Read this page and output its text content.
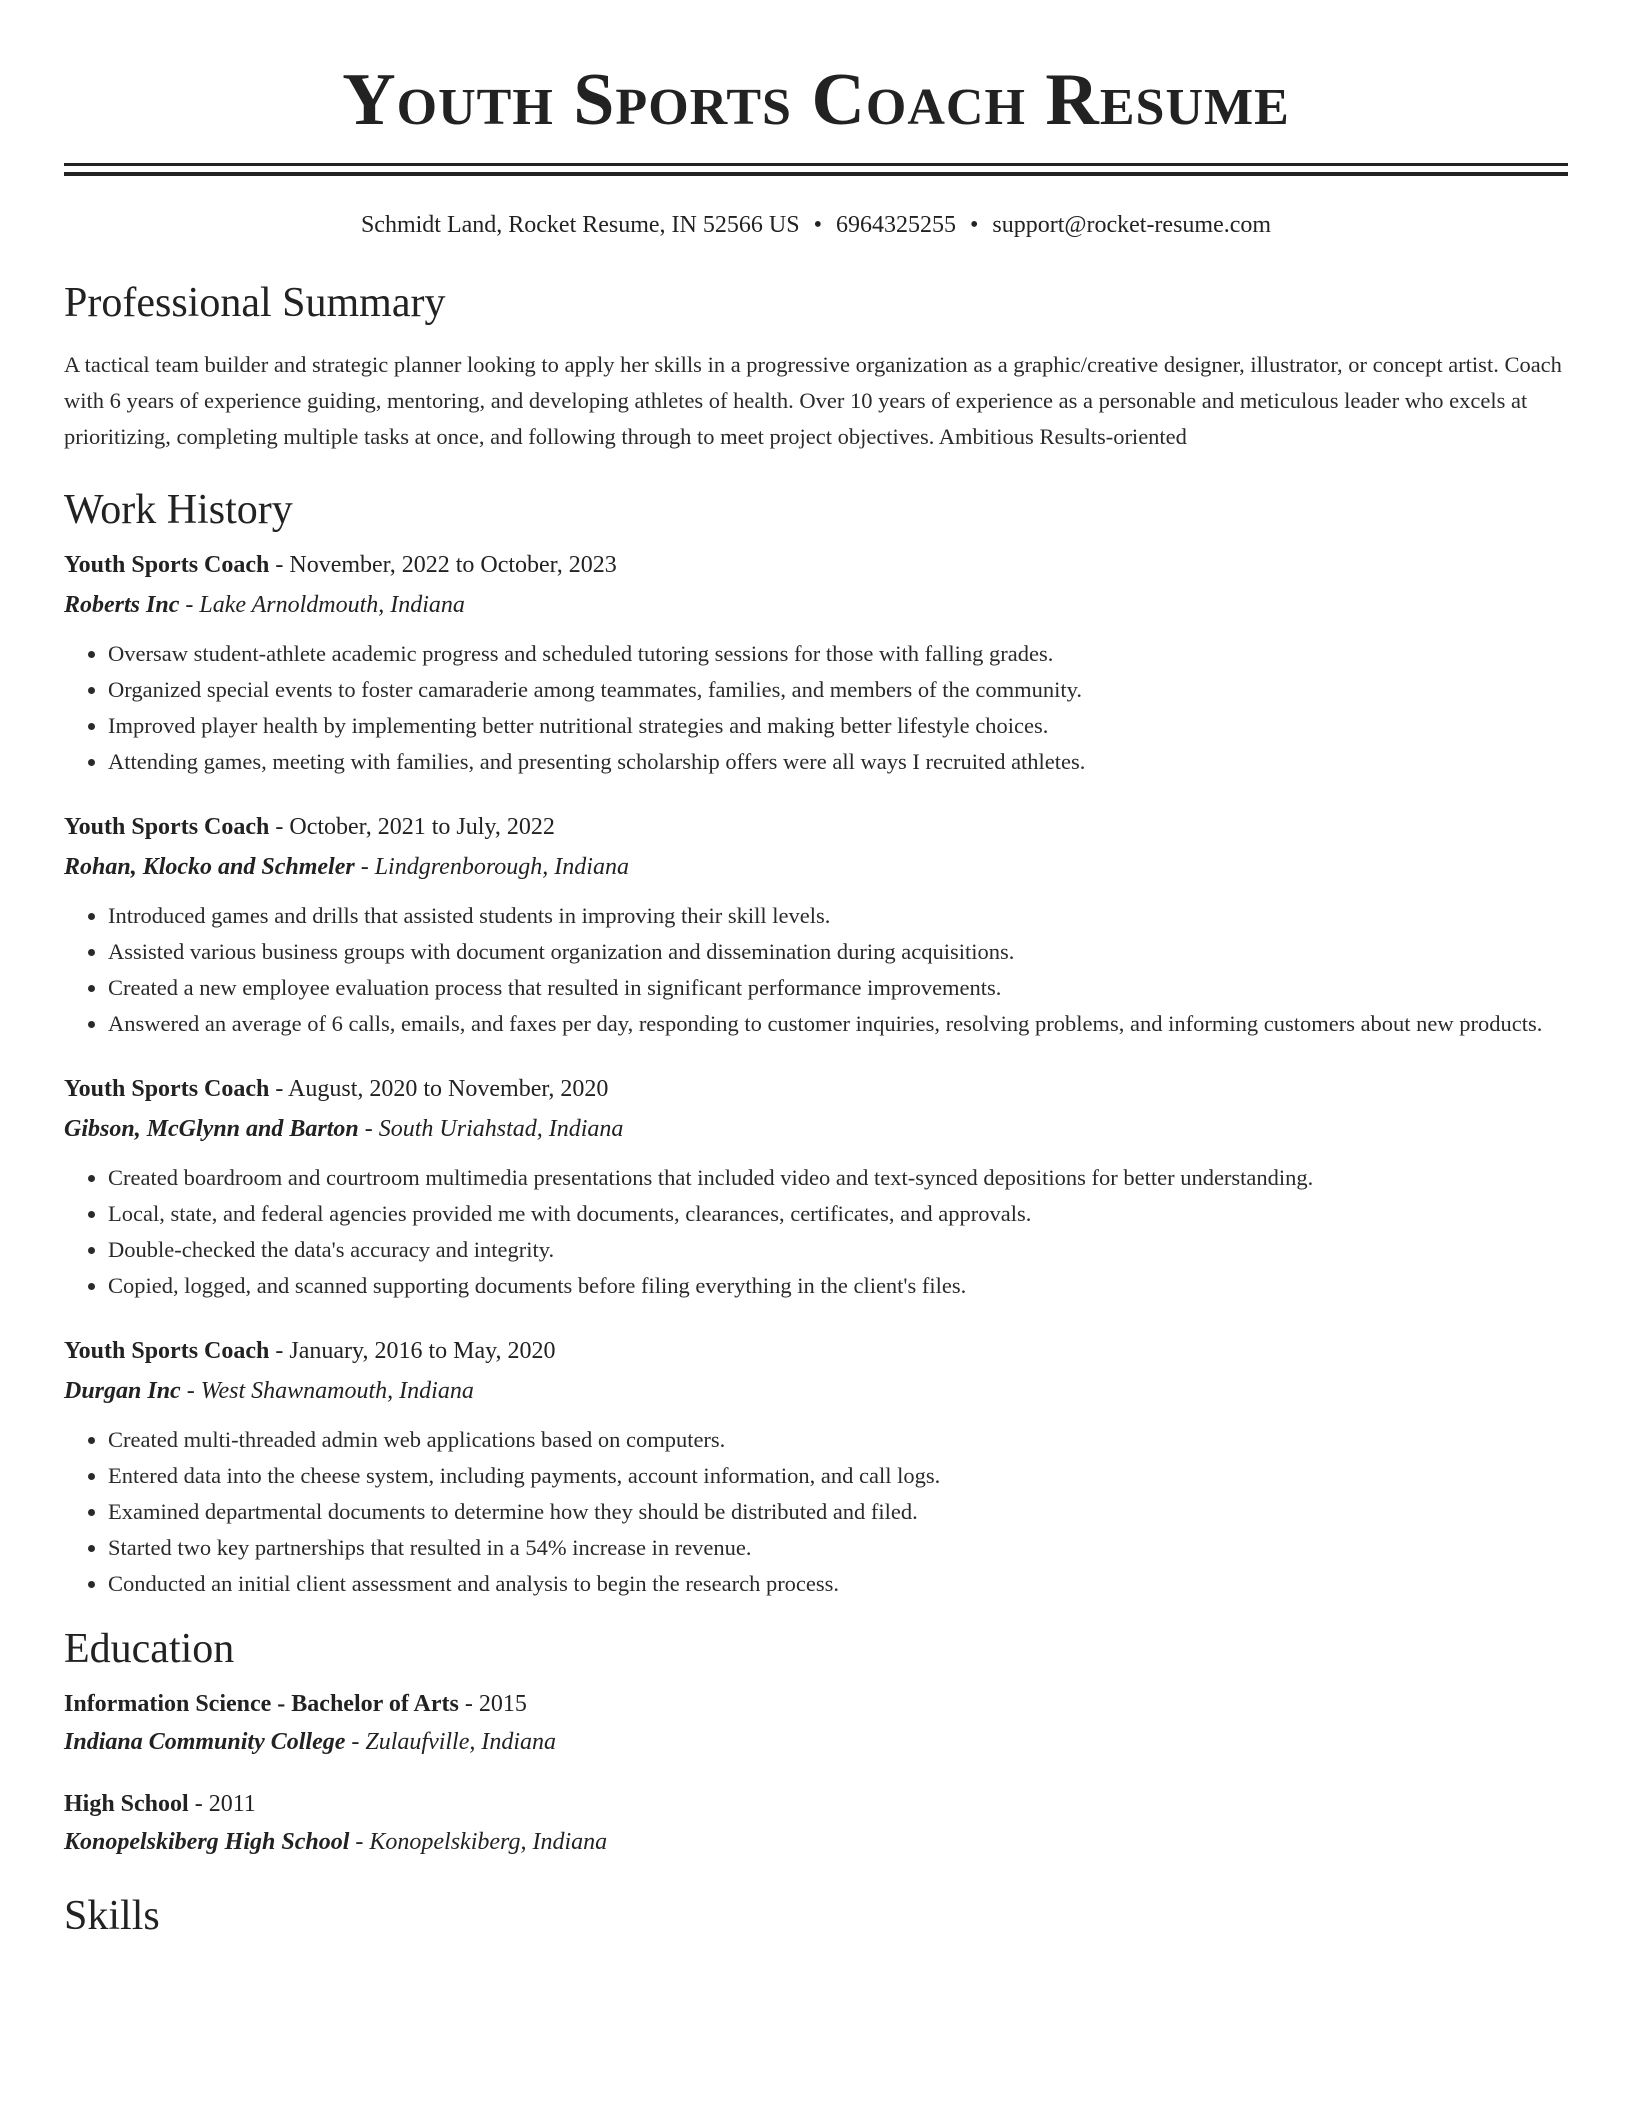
Youth Sports Coach Resume
Schmidt Land, Rocket Resume, IN 52566 US • 6964325255 • support@rocket-resume.com
Professional Summary

A tactical team builder and strategic planner looking to apply her skills in a progressive organization as a graphic/creative designer, illustrator, or concept artist. Coach with 6 years of experience guiding, mentoring, and developing athletes of health. Over 10 years of experience as a personable and meticulous leader who excels at prioritizing, completing multiple tasks at once, and following through to meet project objectives. Ambitious Results-oriented

Work History

Youth Sports Coach - November, 2022 to October, 2023

Roberts Inc - Lake Arnoldmouth, Indiana

• Oversaw student-athlete academic progress and scheduled tutoring sessions for those with falling grades.
• Organized special events to foster camaraderie among teammates, families, and members of the community.
• Improved player health by implementing better nutritional strategies and making better lifestyle choices.
• Attending games, meeting with families, and presenting scholarship offers were all ways I recruited athletes.

Youth Sports Coach - October, 2021 to July, 2022

Rohan, Klocko and Schmeler - Lindgrenborough, Indiana

• Introduced games and drills that assisted students in improving their skill levels.
• Assisted various business groups with document organization and dissemination during acquisitions.
• Created a new employee evaluation process that resulted in significant performance improvements.
• Answered an average of 6 calls, emails, and faxes per day, responding to customer inquiries, resolving problems, and informing customers about new products.

Youth Sports Coach - August, 2020 to November, 2020

Gibson, McGlynn and Barton - South Uriahstad, Indiana

• Created boardroom and courtroom multimedia presentations that included video and text-synced depositions for better understanding.
• Local, state, and federal agencies provided me with documents, clearances, certificates, and approvals.
• Double-checked the data's accuracy and integrity.
• Copied, logged, and scanned supporting documents before filing everything in the client's files.

Youth Sports Coach - January, 2016 to May, 2020

Durgan Inc - West Shawnamouth, Indiana

• Created multi-threaded admin web applications based on computers.
• Entered data into the cheese system, including payments, account information, and call logs.
• Examined departmental documents to determine how they should be distributed and filed.
• Started two key partnerships that resulted in a 54% increase in revenue.
• Conducted an initial client assessment and analysis to begin the research process.
Education

Information Science - Bachelor of Arts - 2015

Indiana Community College - Zulaufville, Indiana

High School - 2011

Konopelskiberg High School - Konopelskiberg, Indiana

Skills
